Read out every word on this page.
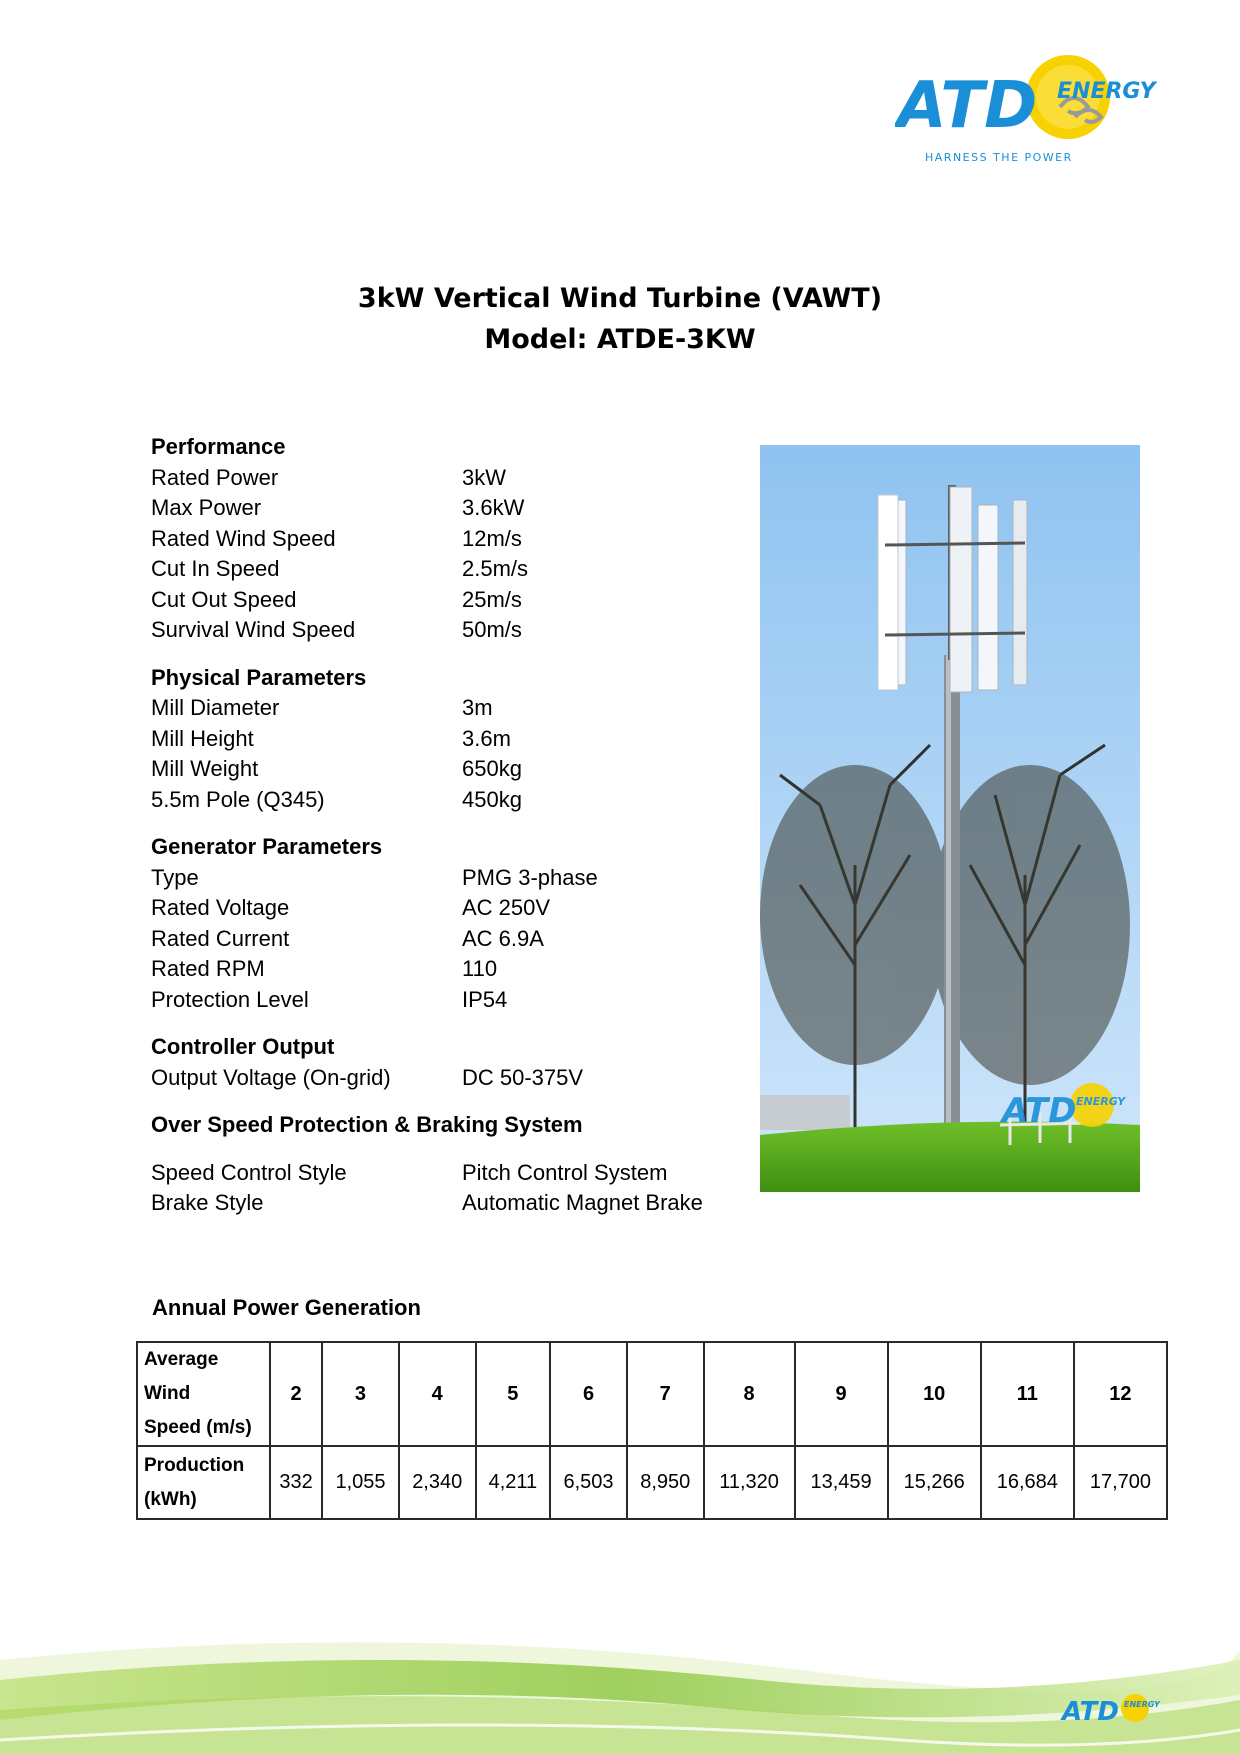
ATD ENERGY
HARNESS THE POWER
3kW Vertical Wind Turbine (VAWT)
Model: ATDE-3KW
Performance
Rated Power	3kW
Max Power	3.6kW
Rated Wind Speed	12m/s
Cut In Speed	2.5m/s
Cut Out Speed	25m/s
Survival Wind Speed	50m/s
Physical Parameters
Mill Diameter	3m
Mill Height	3.6m
Mill Weight	650kg
5.5m Pole (Q345)	450kg
Generator Parameters
Type	PMG 3-phase
Rated Voltage	AC 250V
Rated Current	AC 6.9A
Rated RPM	110
Protection Level	IP54
Controller Output
Output Voltage (On-grid)	DC 50-375V
Over Speed Protection & Braking System
Speed Control Style	Pitch Control System
Brake Style	Automatic Magnet Brake
ATD ENERGY
Annual Power Generation
Average Wind
Speed (m/s)	2	3	4	5	6	7	8	9	10	11	12

Production
(kWh)	332	1,055	2,340	4,211	6,503	8,950	11,320	13,459	15,266	16,684	17,700
ATD ENERGY
